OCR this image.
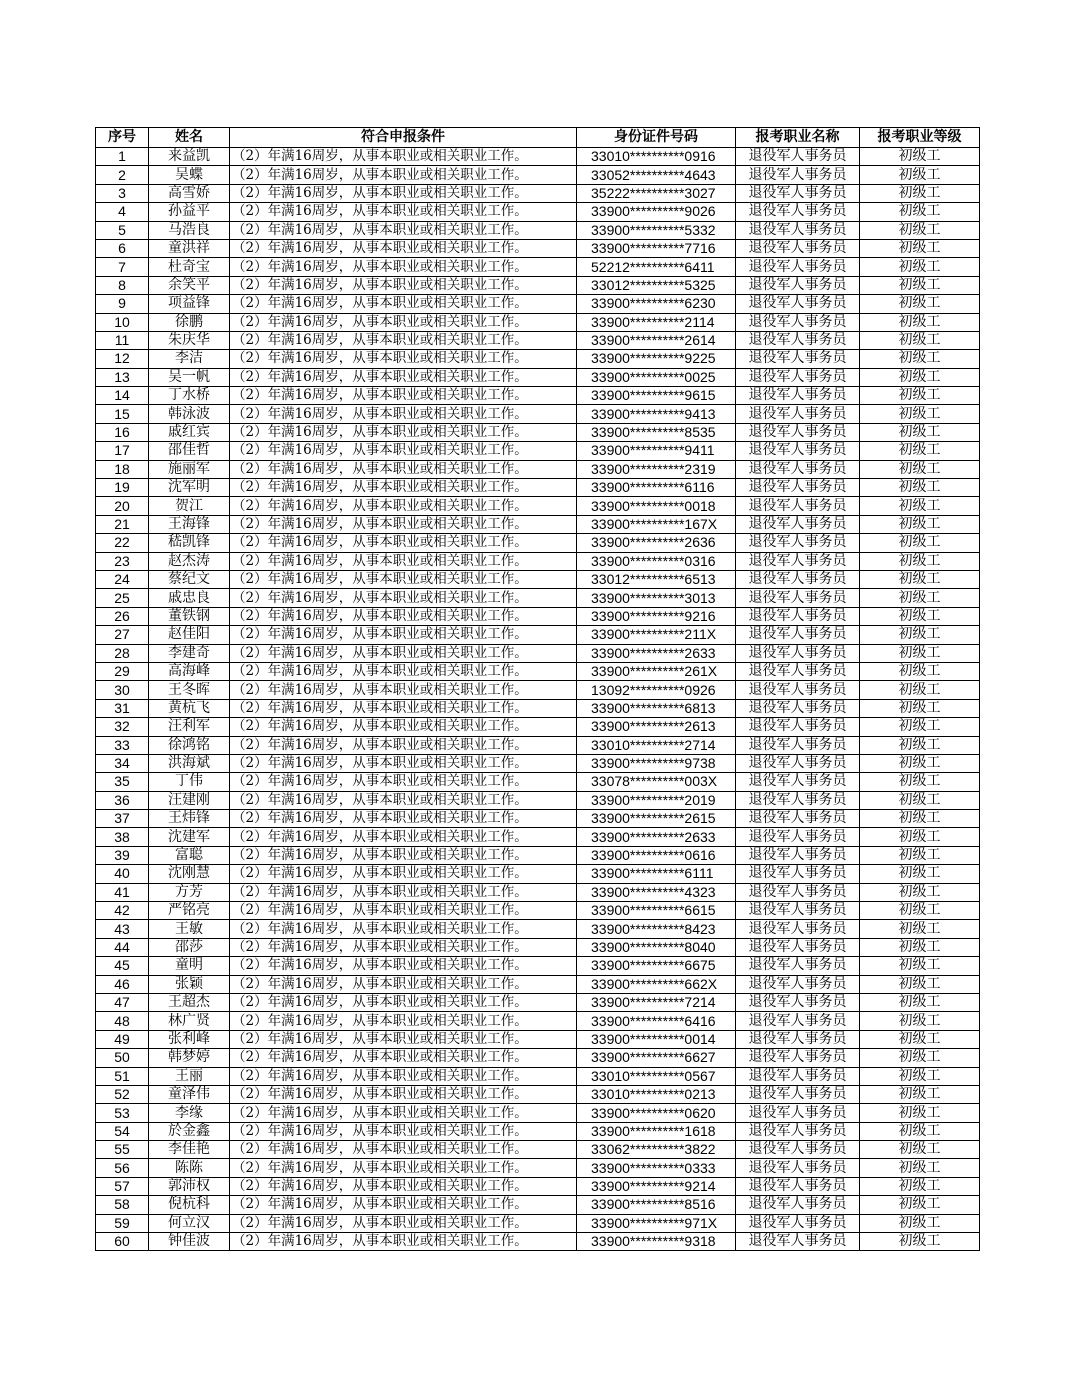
序号	姓名	符合申报条件	身份证件号码	报考职业名称	报考职业等级
1	来益凯	（2）年满16周岁，从事本职业或相关职业工作。	33010**********0916	退役军人事务员	初级工
2	吴蝶	（2）年满16周岁，从事本职业或相关职业工作。	33052**********4643	退役军人事务员	初级工
3	高雪娇	（2）年满16周岁，从事本职业或相关职业工作。	35222**********3027	退役军人事务员	初级工
4	孙益平	（2）年满16周岁，从事本职业或相关职业工作。	33900**********9026	退役军人事务员	初级工
5	马浩良	（2）年满16周岁，从事本职业或相关职业工作。	33900**********5332	退役军人事务员	初级工
6	童洪祥	（2）年满16周岁，从事本职业或相关职业工作。	33900**********7716	退役军人事务员	初级工
7	杜奇宝	（2）年满16周岁，从事本职业或相关职业工作。	52212**********6411	退役军人事务员	初级工
8	余笑平	（2）年满16周岁，从事本职业或相关职业工作。	33012**********5325	退役军人事务员	初级工
9	项益锋	（2）年满16周岁，从事本职业或相关职业工作。	33900**********6230	退役军人事务员	初级工
10	徐鹏	（2）年满16周岁，从事本职业或相关职业工作。	33900**********2114	退役军人事务员	初级工
11	朱庆华	（2）年满16周岁，从事本职业或相关职业工作。	33900**********2614	退役军人事务员	初级工
12	李洁	（2）年满16周岁，从事本职业或相关职业工作。	33900**********9225	退役军人事务员	初级工
13	吴一帆	（2）年满16周岁，从事本职业或相关职业工作。	33900**********0025	退役军人事务员	初级工
14	丁水桥	（2）年满16周岁，从事本职业或相关职业工作。	33900**********9615	退役军人事务员	初级工
15	韩泳波	（2）年满16周岁，从事本职业或相关职业工作。	33900**********9413	退役军人事务员	初级工
16	戚红宾	（2）年满16周岁，从事本职业或相关职业工作。	33900**********8535	退役军人事务员	初级工
17	邵佳哲	（2）年满16周岁，从事本职业或相关职业工作。	33900**********9411	退役军人事务员	初级工
18	施丽军	（2）年满16周岁，从事本职业或相关职业工作。	33900**********2319	退役军人事务员	初级工
19	沈军明	（2）年满16周岁，从事本职业或相关职业工作。	33900**********6116	退役军人事务员	初级工
20	贺江	（2）年满16周岁，从事本职业或相关职业工作。	33900**********0018	退役军人事务员	初级工
21	王海锋	（2）年满16周岁，从事本职业或相关职业工作。	33900**********167X	退役军人事务员	初级工
22	嵇凯锋	（2）年满16周岁，从事本职业或相关职业工作。	33900**********2636	退役军人事务员	初级工
23	赵杰涛	（2）年满16周岁，从事本职业或相关职业工作。	33900**********0316	退役军人事务员	初级工
24	蔡纪文	（2）年满16周岁，从事本职业或相关职业工作。	33012**********6513	退役军人事务员	初级工
25	戚忠良	（2）年满16周岁，从事本职业或相关职业工作。	33900**********3013	退役军人事务员	初级工
26	董铁钢	（2）年满16周岁，从事本职业或相关职业工作。	33900**********9216	退役军人事务员	初级工
27	赵佳阳	（2）年满16周岁，从事本职业或相关职业工作。	33900**********211X	退役军人事务员	初级工
28	李建奇	（2）年满16周岁，从事本职业或相关职业工作。	33900**********2633	退役军人事务员	初级工
29	高海峰	（2）年满16周岁，从事本职业或相关职业工作。	33900**********261X	退役军人事务员	初级工
30	王冬晖	（2）年满16周岁，从事本职业或相关职业工作。	13092**********0926	退役军人事务员	初级工
31	黄杭飞	（2）年满16周岁，从事本职业或相关职业工作。	33900**********6813	退役军人事务员	初级工
32	汪利军	（2）年满16周岁，从事本职业或相关职业工作。	33900**********2613	退役军人事务员	初级工
33	徐鸿铭	（2）年满16周岁，从事本职业或相关职业工作。	33010**********2714	退役军人事务员	初级工
34	洪海斌	（2）年满16周岁，从事本职业或相关职业工作。	33900**********9738	退役军人事务员	初级工
35	丁伟	（2）年满16周岁，从事本职业或相关职业工作。	33078**********003X	退役军人事务员	初级工
36	汪建刚	（2）年满16周岁，从事本职业或相关职业工作。	33900**********2019	退役军人事务员	初级工
37	王炜锋	（2）年满16周岁，从事本职业或相关职业工作。	33900**********2615	退役军人事务员	初级工
38	沈建军	（2）年满16周岁，从事本职业或相关职业工作。	33900**********2633	退役军人事务员	初级工
39	富聪	（2）年满16周岁，从事本职业或相关职业工作。	33900**********0616	退役军人事务员	初级工
40	沈刚慧	（2）年满16周岁，从事本职业或相关职业工作。	33900**********6111	退役军人事务员	初级工
41	方芳	（2）年满16周岁，从事本职业或相关职业工作。	33900**********4323	退役军人事务员	初级工
42	严铭亮	（2）年满16周岁，从事本职业或相关职业工作。	33900**********6615	退役军人事务员	初级工
43	王敏	（2）年满16周岁，从事本职业或相关职业工作。	33900**********8423	退役军人事务员	初级工
44	邵莎	（2）年满16周岁，从事本职业或相关职业工作。	33900**********8040	退役军人事务员	初级工
45	童明	（2）年满16周岁，从事本职业或相关职业工作。	33900**********6675	退役军人事务员	初级工
46	张颖	（2）年满16周岁，从事本职业或相关职业工作。	33900**********662X	退役军人事务员	初级工
47	王超杰	（2）年满16周岁，从事本职业或相关职业工作。	33900**********7214	退役军人事务员	初级工
48	林广贤	（2）年满16周岁，从事本职业或相关职业工作。	33900**********6416	退役军人事务员	初级工
49	张利峰	（2）年满16周岁，从事本职业或相关职业工作。	33900**********0014	退役军人事务员	初级工
50	韩梦婷	（2）年满16周岁，从事本职业或相关职业工作。	33900**********6627	退役军人事务员	初级工
51	王丽	（2）年满16周岁，从事本职业或相关职业工作。	33010**********0567	退役军人事务员	初级工
52	童泽伟	（2）年满16周岁，从事本职业或相关职业工作。	33010**********0213	退役军人事务员	初级工
53	李缘	（2）年满16周岁，从事本职业或相关职业工作。	33900**********0620	退役军人事务员	初级工
54	於金鑫	（2）年满16周岁，从事本职业或相关职业工作。	33900**********1618	退役军人事务员	初级工
55	李佳艳	（2）年满16周岁，从事本职业或相关职业工作。	33062**********3822	退役军人事务员	初级工
56	陈陈	（2）年满16周岁，从事本职业或相关职业工作。	33900**********0333	退役军人事务员	初级工
57	郭沛权	（2）年满16周岁，从事本职业或相关职业工作。	33900**********9214	退役军人事务员	初级工
58	倪杭科	（2）年满16周岁，从事本职业或相关职业工作。	33900**********8516	退役军人事务员	初级工
59	何立汉	（2）年满16周岁，从事本职业或相关职业工作。	33900**********971X	退役军人事务员	初级工
60	钟佳波	（2）年满16周岁，从事本职业或相关职业工作。	33900**********9318	退役军人事务员	初级工
